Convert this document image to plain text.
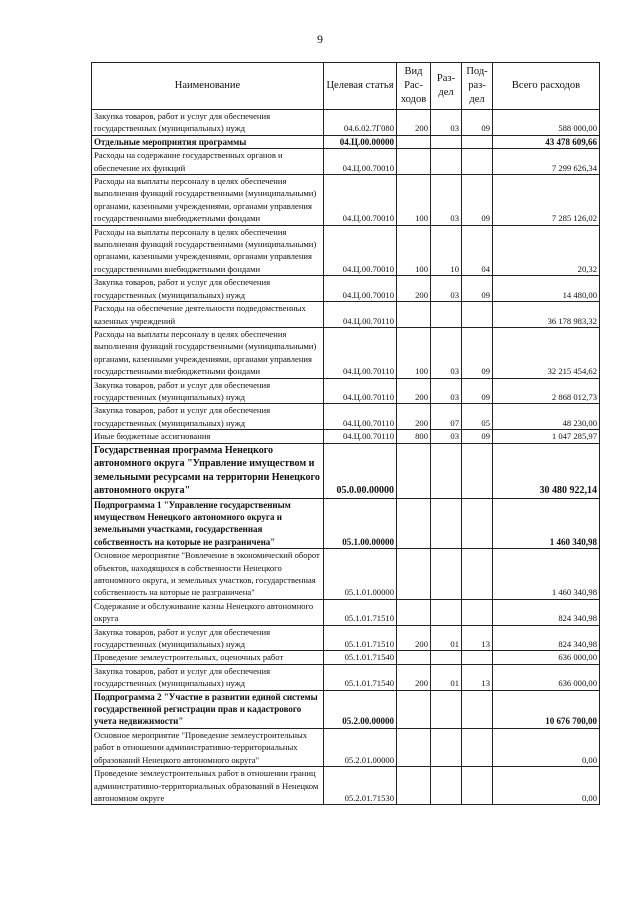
9
Наименование	Целевая статья	Вид Рас-ходов	Раз-дел	Под-раз-дел	Всего расходов
Закупка товаров, работ и услуг для обеспечения государственных (муниципальных) нужд	04.6.02.7Г080	200	03	09	588 000,00
Отдельные мероприятия программы	04.Ц.00.00000				43 478 609,66
Расходы на содержание государственных органов и обеспечение их функций	04.Ц.00.70010				7 299 626,34
Расходы на выплаты персоналу в целях обеспечения выполнения функций государственными (муниципальными) органами, казенными учреждениями, органами управления государственными внебюджетными фондами	04.Ц.00.70010	100	03	09	7 285 126,02
Расходы на выплаты персоналу в целях обеспечения выполнения функций государственными (муниципальными) органами, казенными учреждениями, органами управления государственными внебюджетными фондами	04.Ц.00.70010	100	10	04	20,32
Закупка товаров, работ и услуг для обеспечения государственных (муниципальных) нужд	04.Ц.00.70010	200	03	09	14 480,00
Расходы на обеспечение деятельности подведомственных казенных учреждений	04.Ц.00.70110				36 178 983,32
Расходы на выплаты персоналу в целях обеспечения выполнения функций государственными (муниципальными) органами, казенными учреждениями, органами управления государственными внебюджетными фондами	04.Ц.00.70110	100	03	09	32 215 454,62
Закупка товаров, работ и услуг для обеспечения государственных (муниципальных) нужд	04.Ц.00.70110	200	03	09	2 868 012,73
Закупка товаров, работ и услуг для обеспечения государственных (муниципальных) нужд	04.Ц.00.70110	200	07	05	48 230,00
Иные бюджетные ассигнования	04.Ц.00.70110	800	03	09	1 047 285,97
Государственная программа Ненецкого автономного округа "Управление имуществом и земельными ресурсами на территории Ненецкого автономного округа"	05.0.00.00000				30 480 922,14
Подпрограмма 1 "Управление государственным имуществом Ненецкого автономного округа и земельными участками, государственная собственность на которые не разграничена"	05.1.00.00000				1 460 340,98
Основное мероприятие "Вовлечение в экономический оборот объектов, находящихся в собственности Ненецкого автономного округа, и земельных участков, государственная собственность на которые не разграничена"	05.1.01.00000				1 460 340,98
Содержание и обслуживание казны Ненецкого автономного округа	05.1.01.71510				824 340,98
Закупка товаров, работ и услуг для обеспечения государственных (муниципальных) нужд	05.1.01.71510	200	01	13	824 340,98
Проведение землеустроительных, оценочных работ	05.1.01.71540				636 000,00
Закупка товаров, работ и услуг для обеспечения государственных (муниципальных) нужд	05.1.01.71540	200	01	13	636 000,00
Подпрограмма 2 "Участие в развитии единой системы государственной регистрации прав и кадастрового учета недвижимости"	05.2.00.00000				10 676 700,00
Основное мероприятие "Проведение землеустроительных работ в отношении административно-территориальных образований Ненецкого автономного округа"	05.2.01.00000				0,00
Проведение землеустроительных работ в отношении границ административно-территориальных образований в Ненецком автономном округе	05.2.01.71530				0,00
